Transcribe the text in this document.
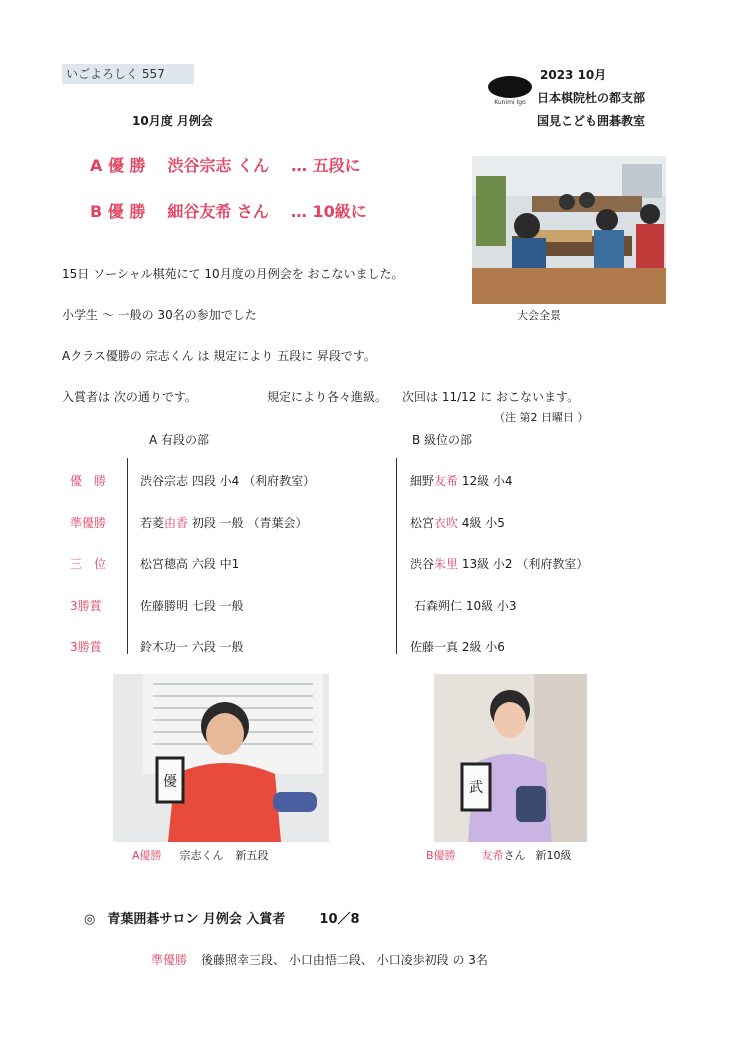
いごよろしく 557
Kunimi Igo
2023 10月
日本棋院杜の都支部
国見こども囲碁教室
10月度 月例会
A 優 勝 渋谷宗志 くん … 五段に
B 優 勝 細谷友希 さん … 10級に
大会全景
15日 ソーシャル棋苑にて 10月度の月例会を おこないました。
小学生 ～ 一般の 30名の参加でした
Aクラス優勝の 宗志くん は 規定により 五段に 昇段です。
入賞者は 次の通りです。	規定により各々進級。 次回は 11/12 に おこないます。
（注 第2 日曜日 ）
A 有段の部	B 級位の部
優　勝	渋谷宗志 四段 小4 （利府教室）	細野友希 12級 小4
準優勝	若菱由香 初段 一般 （青葉会）	松宮衣吹 4級 小5
三　位	松宮穂高 六段 中1	渋谷朱里 13級 小2 （利府教室）
3勝賞	佐藤勝明 七段 一般	石森朔仁 10級 小3
3勝賞	鈴木功一 六段 一般	佐藤一真 2級 小6
優
A優勝 宗志くん 新五段
武
B優勝 友希さん 新10級
◎ 青葉囲碁サロン 月例会 入賞者	10／8
準優勝 後藤照幸三段、 小口由悟二段、 小口凌歩初段 の 3名
